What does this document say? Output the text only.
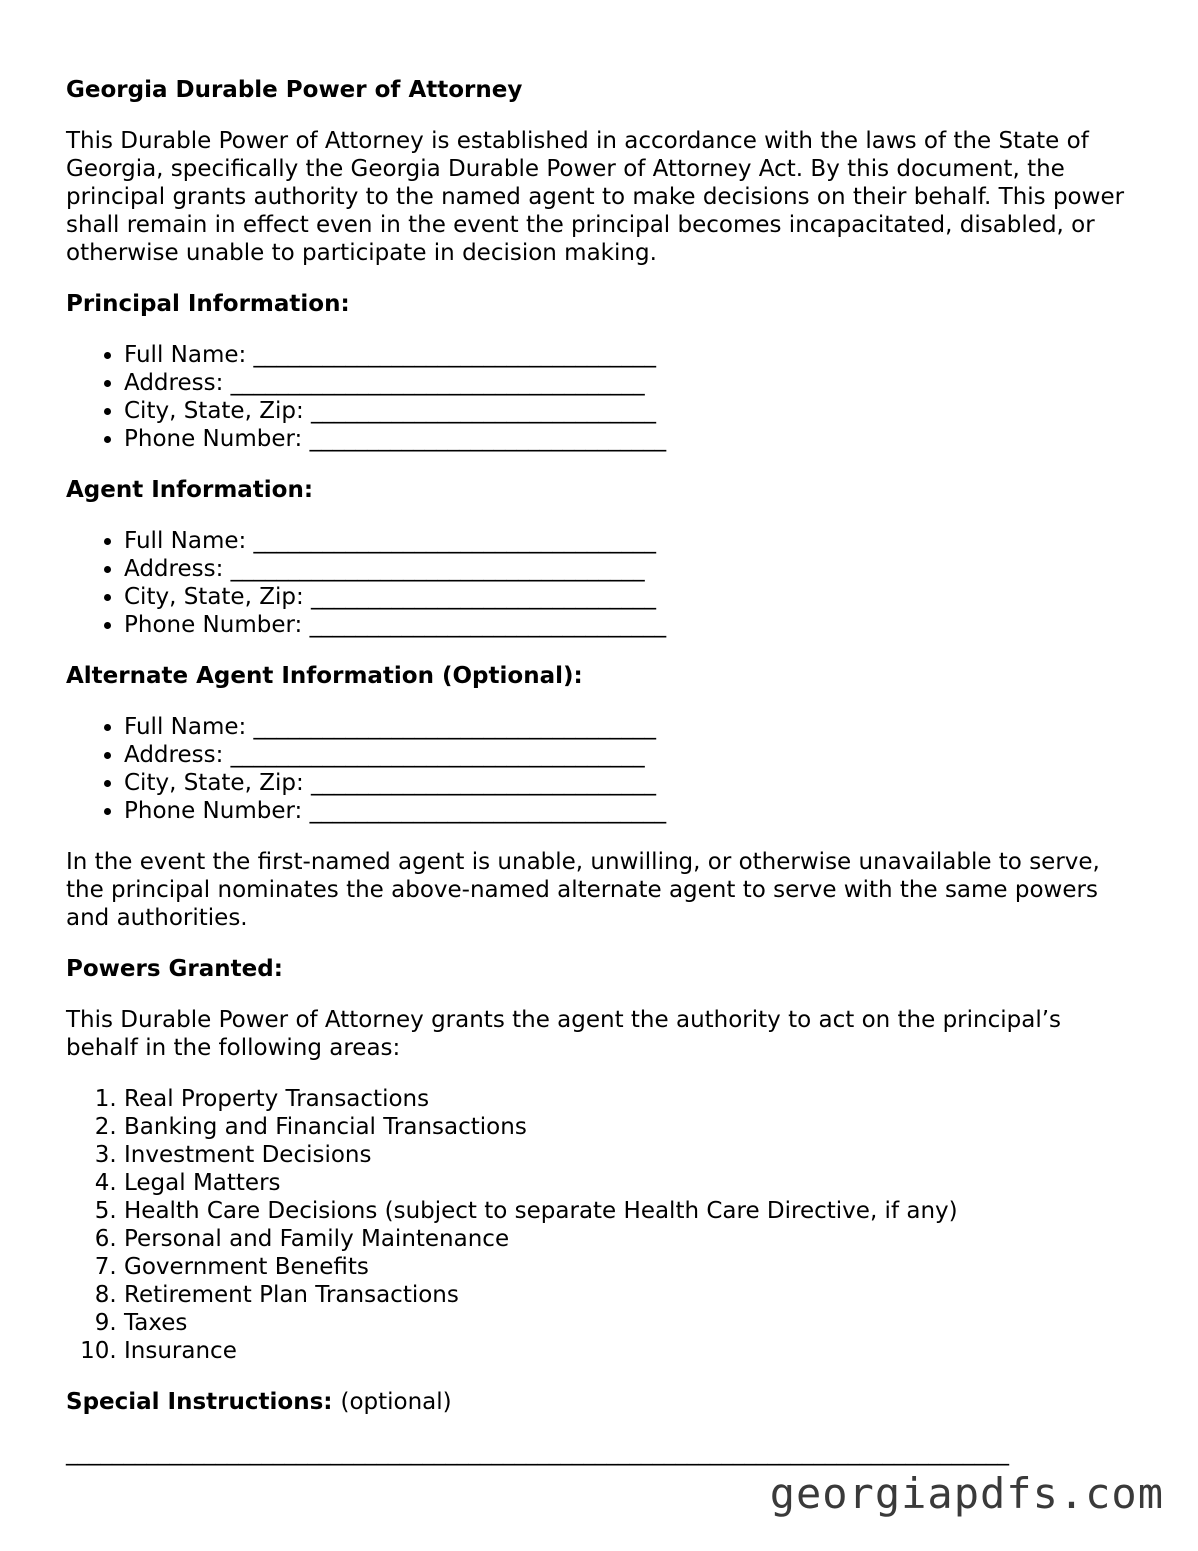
Georgia Durable Power of Attorney

This Durable Power of Attorney is established in accordance with the laws of the State of Georgia, specifically the Georgia Durable Power of Attorney Act. By this document, the principal grants authority to the named agent to make decisions on their behalf. This power shall remain in effect even in the event the principal becomes incapacitated, disabled, or otherwise unable to participate in decision making.

Principal Information:
• Full Name: ___________________________________
• Address: ____________________________________
• City, State, Zip: ______________________________
• Phone Number: _______________________________
Agent Information:
• Full Name: ___________________________________
• Address: ____________________________________
• City, State, Zip: ______________________________
• Phone Number: _______________________________
Alternate Agent Information (Optional):
• Full Name: ___________________________________
• Address: ____________________________________
• City, State, Zip: ______________________________
• Phone Number: _______________________________

In the event the first-named agent is unable, unwilling, or otherwise unavailable to serve, the principal nominates the above-named alternate agent to serve with the same powers and authorities.

Powers Granted:

This Durable Power of Attorney grants the agent the authority to act on the principal’s behalf in the following areas:

1. Real Property Transactions
2. Banking and Financial Transactions
3. Investment Decisions
4. Legal Matters
5. Health Care Decisions (subject to separate Health Care Directive, if any)
6. Personal and Family Maintenance
7. Government Benefits
8. Retirement Plan Transactions
9. Taxes
10. Insurance
Special Instructions: (optional)
__________________________________________________________________________________
georgiapdfs.com
